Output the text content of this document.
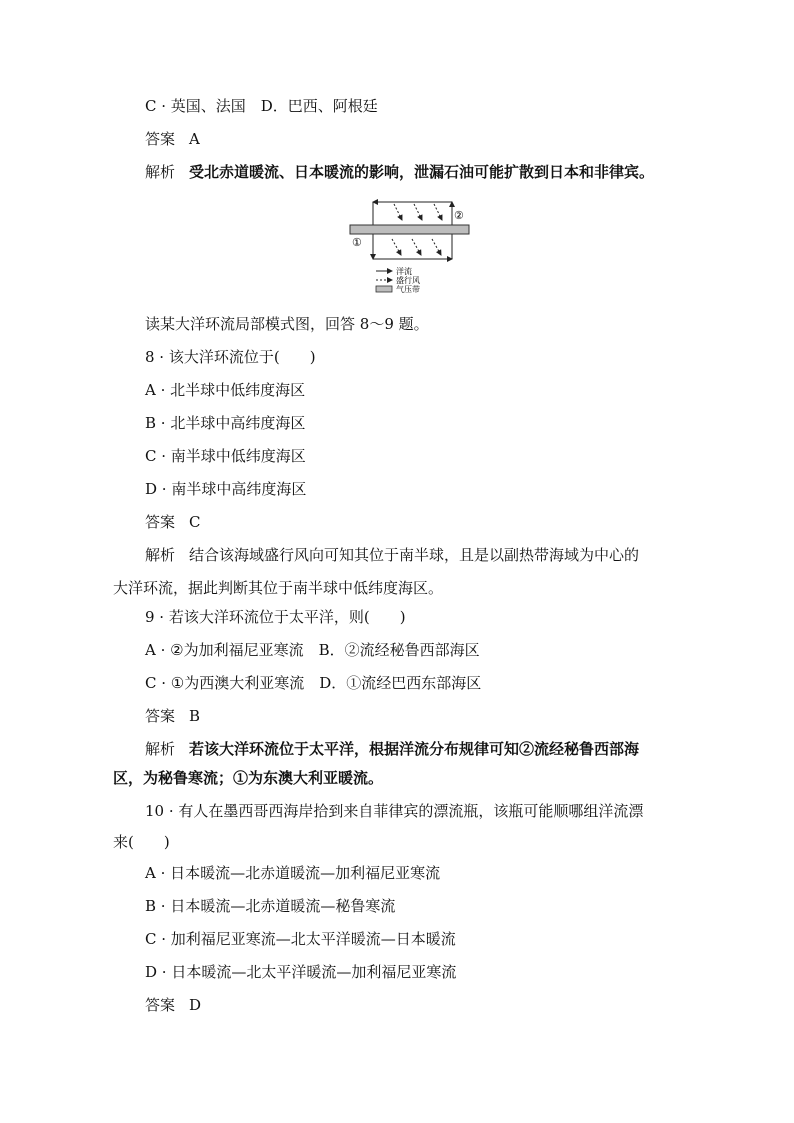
C · 英国、法国　D．巴西、阿根廷
答案 A
解析 受北赤道暖流、日本暖流的影响，泄漏石油可能扩散到日本和非律宾。
①
②
洋流
盛行风
气压带
读某大洋环流局部模式图，回答 8～9 题。
8 · 该大洋环流位于(　　)
A · 北半球中低纬度海区
B · 北半球中高纬度海区
C · 南半球中低纬度海区
D · 南半球中高纬度海区
答案 C
解析 结合该海域盛行风向可知其位于南半球，且是以副热带海域为中心的
大洋环流，据此判断其位于南半球中低纬度海区。
9 · 若该大洋环流位于太平洋，则(　　)
A · ②为加利福尼亚寒流　B．②流经秘鲁西部海区
C · ①为西澳大利亚寒流　D．①流经巴西东部海区
答案 B
解析 若该大洋环流位于太平洋，根据洋流分布规律可知②流经秘鲁西部海
区，为秘鲁寒流；①为东澳大利亚暖流。
10 · 有人在墨西哥西海岸拾到来自菲律宾的漂流瓶，该瓶可能顺哪组洋流漂
来(　　)
A · 日本暖流—北赤道暖流—加利福尼亚寒流
B · 日本暖流—北赤道暖流—秘鲁寒流
C · 加利福尼亚寒流—北太平洋暖流—日本暖流
D · 日本暖流—北太平洋暖流—加利福尼亚寒流
答案 D
